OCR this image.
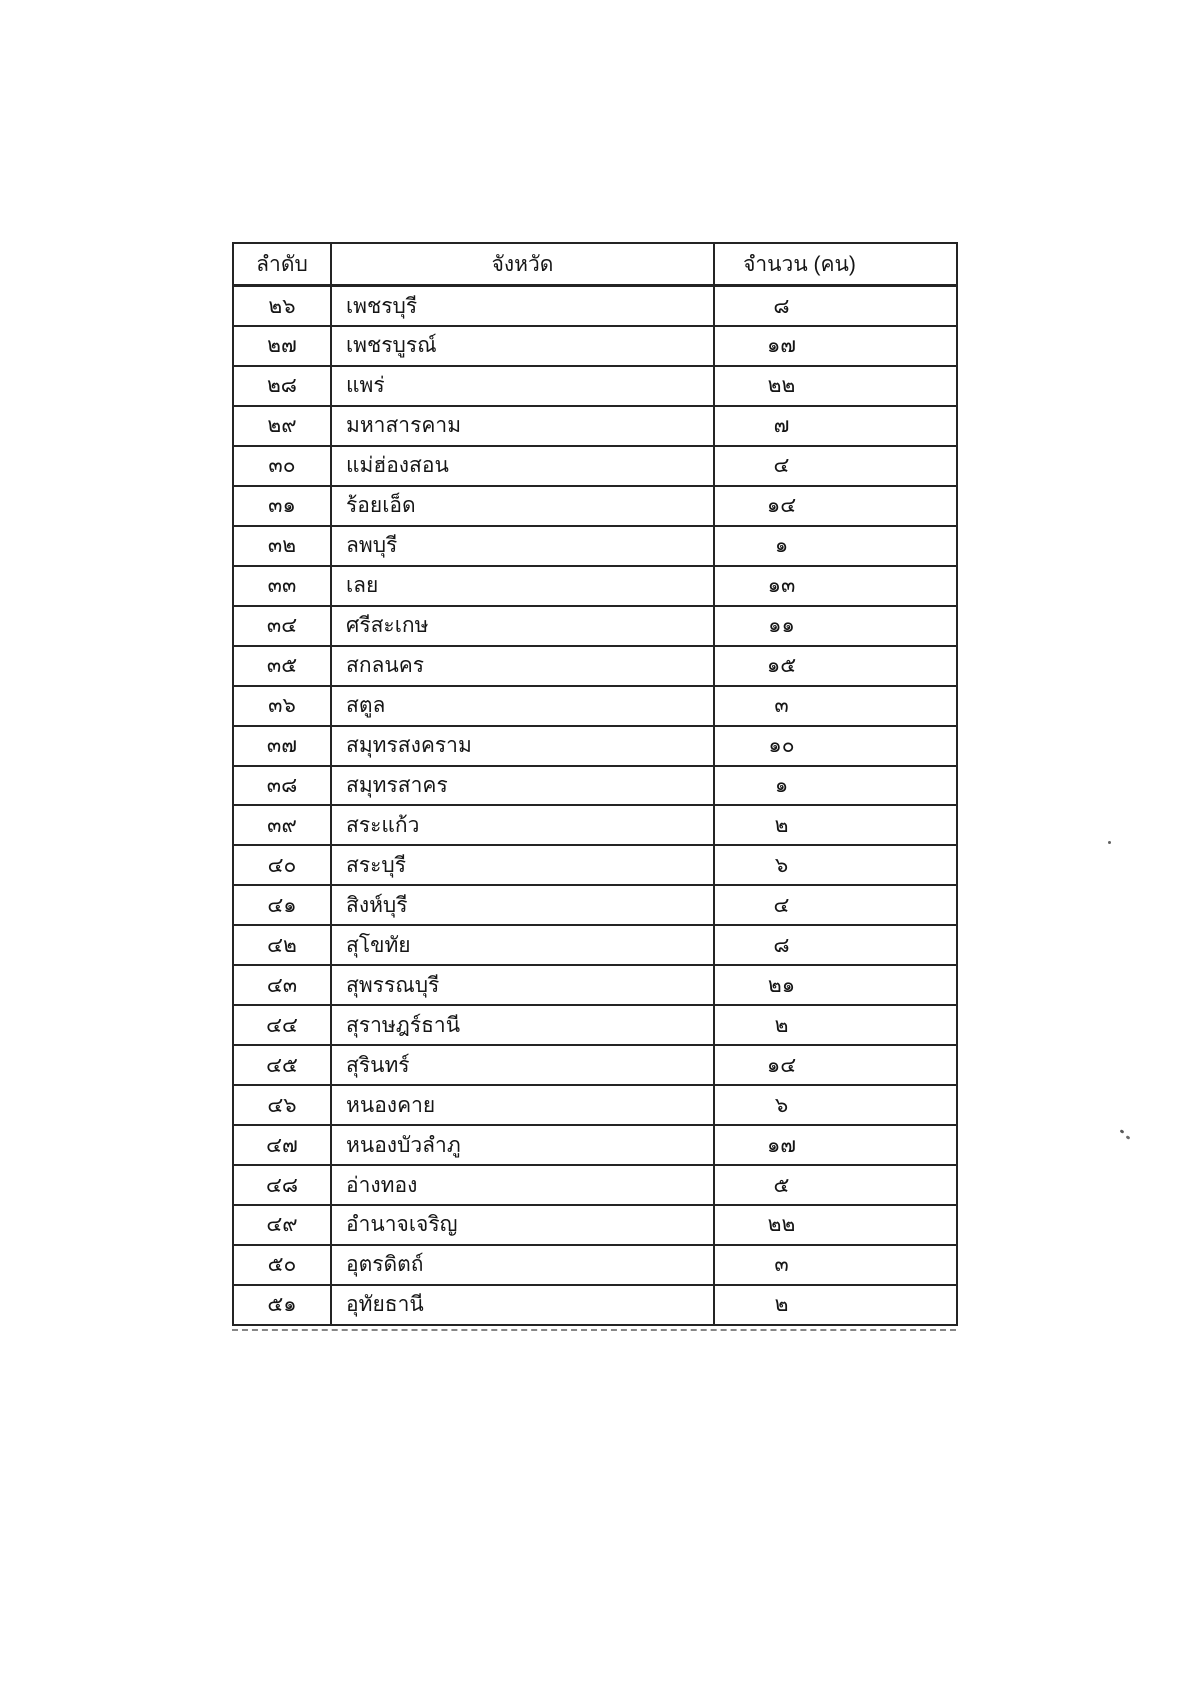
ลำดับ	จังหวัด	จำนวน (คน)
๒๖	เพชรบุรี	๘
๒๗	เพชรบูรณ์	๑๗
๒๘	แพร่	๒๒
๒๙	มหาสารคาม	๗
๓๐	แม่ฮ่องสอน	๔
๓๑	ร้อยเอ็ด	๑๔
๓๒	ลพบุรี	๑
๓๓	เลย	๑๓
๓๔	ศรีสะเกษ	๑๑
๓๕	สกลนคร	๑๕
๓๖	สตูล	๓
๓๗	สมุทรสงคราม	๑๐
๓๘	สมุทรสาคร	๑
๓๙	สระแก้ว	๒
๔๐	สระบุรี	๖
๔๑	สิงห์บุรี	๔
๔๒	สุโขทัย	๘
๔๓	สุพรรณบุรี	๒๑
๔๔	สุราษฎร์ธานี	๒
๔๕	สุรินทร์	๑๔
๔๖	หนองคาย	๖
๔๗	หนองบัวลำภู	๑๗
๔๘	อ่างทอง	๕
๔๙	อำนาจเจริญ	๒๒
๕๐	อุตรดิตถ์	๓
๕๑	อุทัยธานี	๒
